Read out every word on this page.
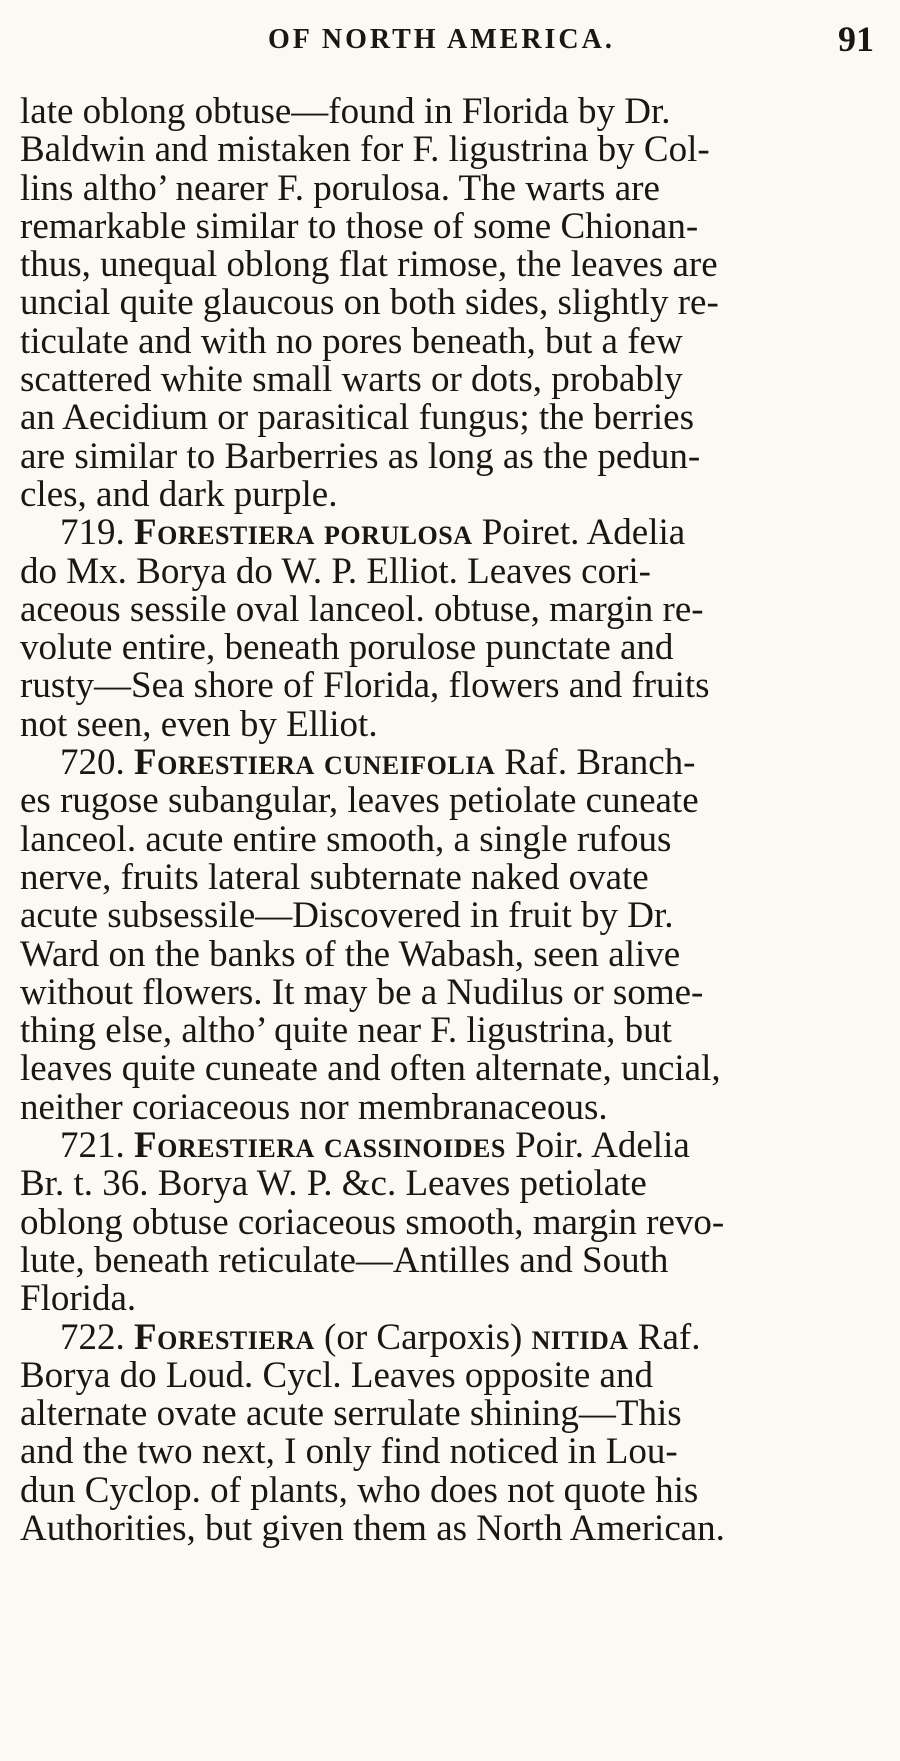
OF NORTH AMERICA.	91
late oblong obtuse—found in Florida by Dr.
Baldwin and mistaken for F. ligustrina by Col-
lins altho’ nearer F. porulosa. The warts are
remarkable similar to those of some Chionan-
thus, unequal oblong flat rimose, the leaves are
uncial quite glaucous on both sides, slightly re-
ticulate and with no pores beneath, but a few
scattered white small warts or dots, probably
an Aecidium or parasitical fungus; the berries
are similar to Barberries as long as the pedun-
cles, and dark purple.
719. Forestiera porulosa Poiret. Adelia
do Mx. Borya do W. P. Elliot. Leaves cori-
aceous sessile oval lanceol. obtuse, margin re-
volute entire, beneath porulose punctate and
rusty—Sea shore of Florida, flowers and fruits
not seen, even by Elliot.
720. Forestiera cuneifolia Raf. Branch-
es rugose subangular, leaves petiolate cuneate
lanceol. acute entire smooth, a single rufous
nerve, fruits lateral subternate naked ovate
acute subsessile—Discovered in fruit by Dr.
Ward on the banks of the Wabash, seen alive
without flowers. It may be a Nudilus or some-
thing else, altho’ quite near F. ligustrina, but
leaves quite cuneate and often alternate, uncial,
neither coriaceous nor membranaceous.
721. Forestiera cassinoides Poir. Adelia
Br. t. 36. Borya W. P. &c. Leaves petiolate
oblong obtuse coriaceous smooth, margin revo-
lute, beneath reticulate—Antilles and South
Florida.
722. Forestiera (or Carpoxis) nitida Raf.
Borya do Loud. Cycl. Leaves opposite and
alternate ovate acute serrulate shining—This
and the two next, I only find noticed in Lou-
dun Cyclop. of plants, who does not quote his
Authorities, but given them as North American.
